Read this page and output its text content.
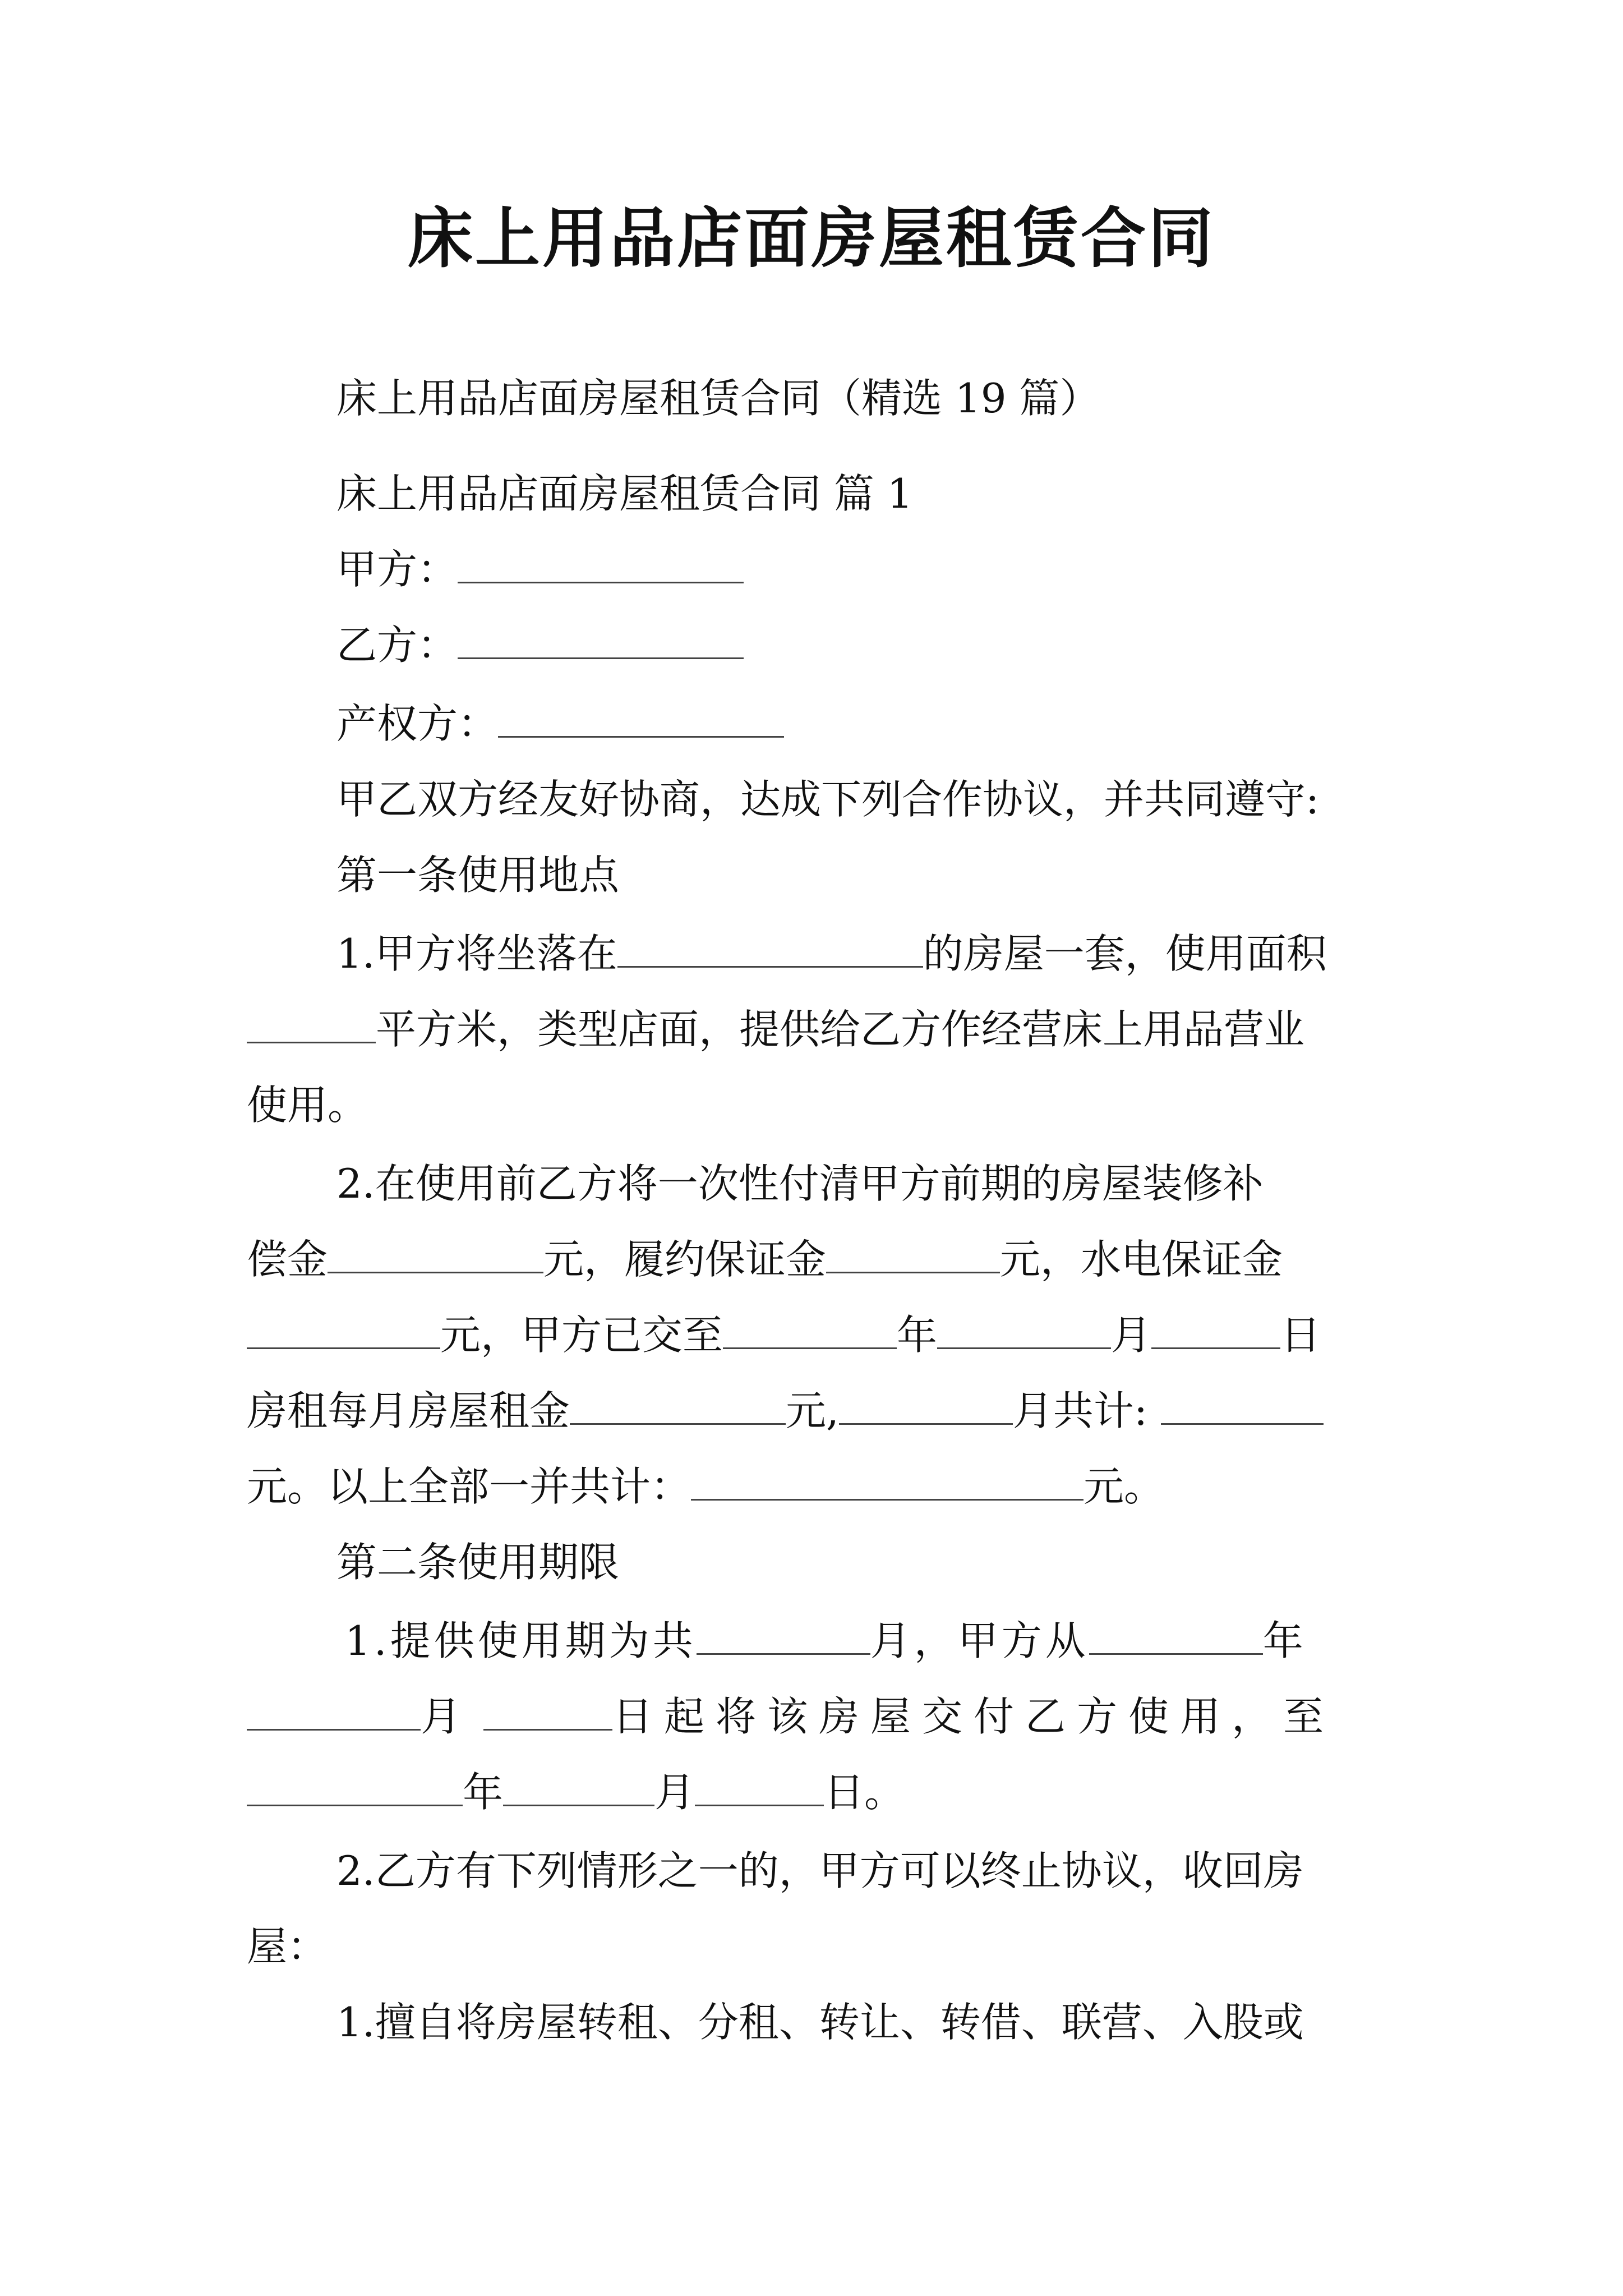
床上用品店面房屋租赁合同
床上用品店面房屋租赁合同（精选 19 篇）
床上用品店面房屋租赁合同 篇 1
甲方：
乙方：
产权方：
甲乙双方经友好协商，达成下列合作协议，并共同遵守:
第一条使用地点
1.甲方将坐落在	的房屋一套，使用面积
平方米，类型店面，提供给乙方作经营床上用品营业
使用。
2.在使用前乙方将一次性付清甲方前期的房屋装修补
偿金	元，履约保证金	元，水电保证金
元，甲方已交至	年	月	日
房租每月房屋租金	元,	月共计:
元。以上全部一并共计：	元。
第二条使用期限
1.提供使用期为共	月，甲方从	年
月	日起将该房屋交付乙方使用，至
年	月	日。
2.乙方有下列情形之一的，甲方可以终止协议，收回房
屋：
1.擅自将房屋转租、分租、转让、转借、联营、入股或
